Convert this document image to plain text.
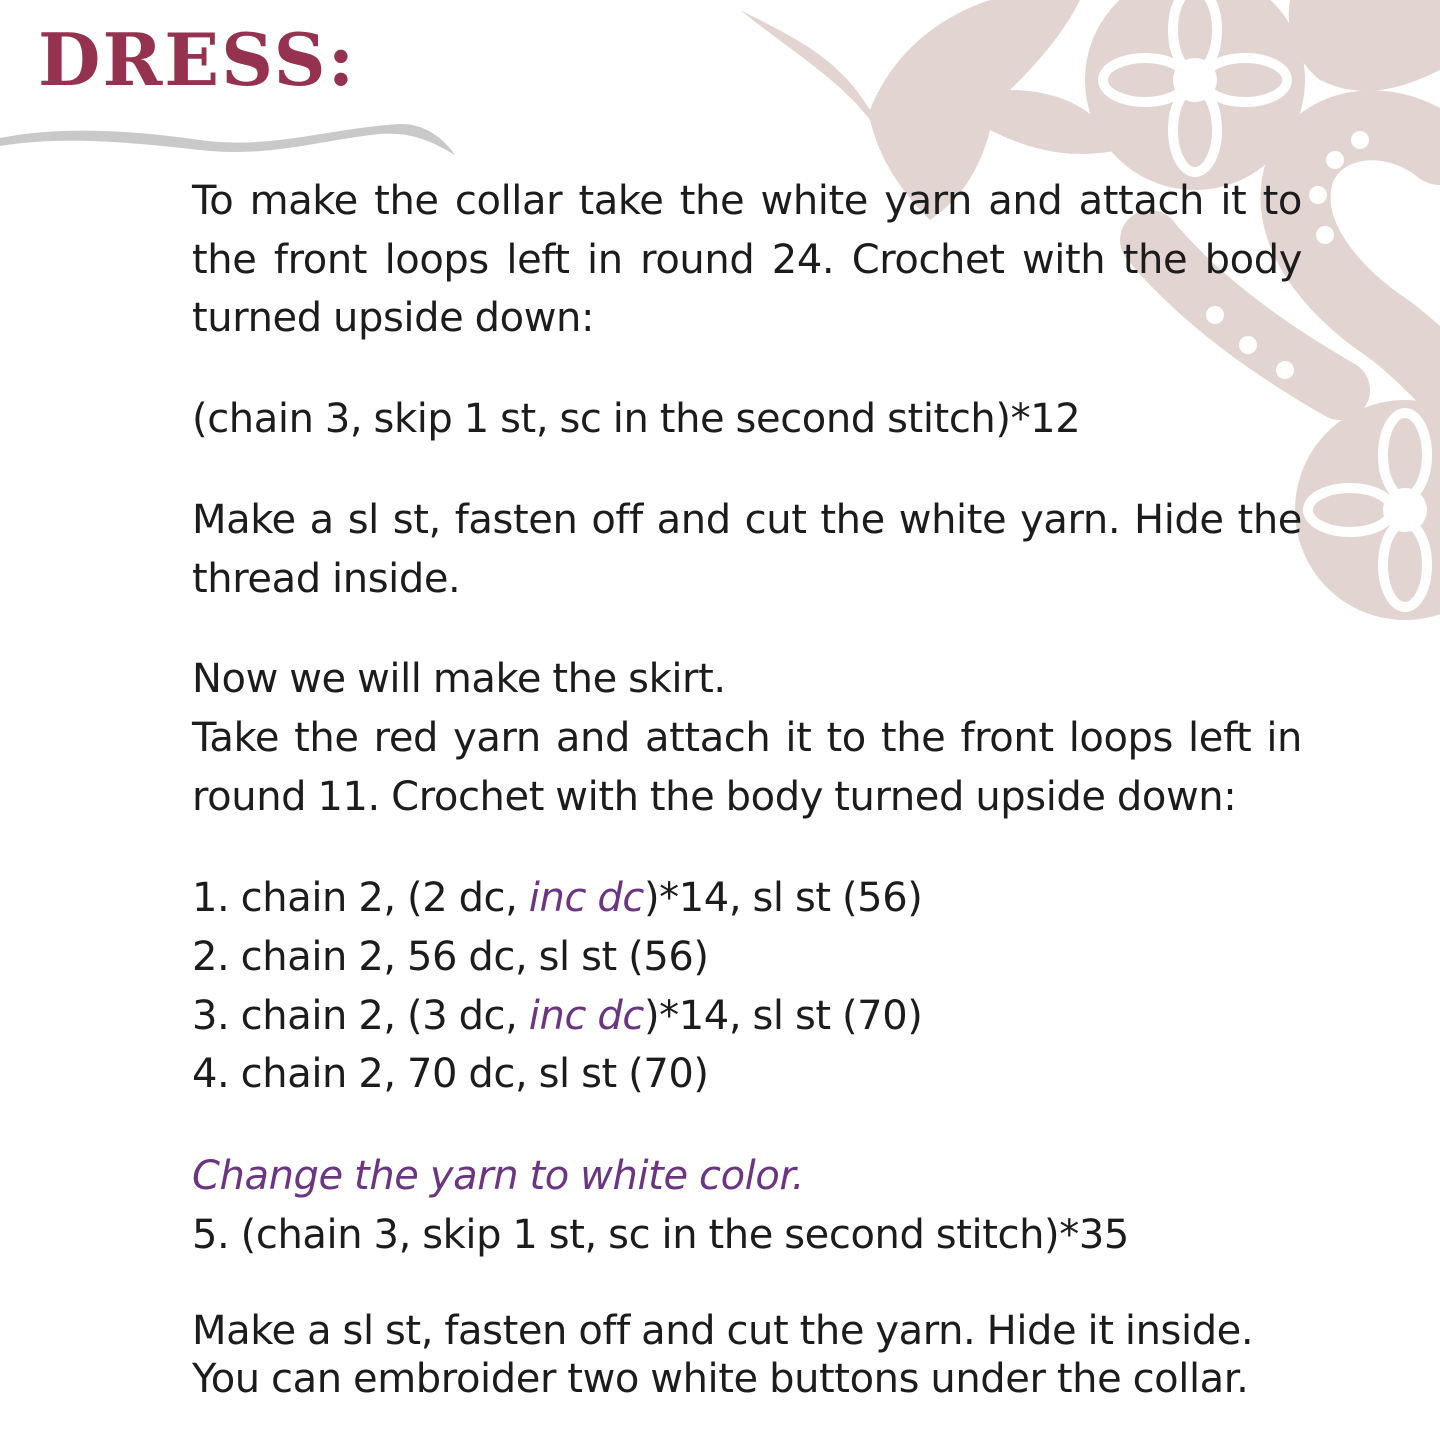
DRESS:

To make the collar take the white yarn and attach it to the front loops left in round 24. Crochet with the body turned upside down:

(chain 3, skip 1 st, sc in the second stitch)*12

Make a sl st, fasten off and cut the white yarn. Hide the thread inside.

Now we will make the skirt.

Take the red yarn and attach it to the front loops left in round 11. Crochet with the body turned upside down:

1. chain 2, (2 dc, inc dc)*14, sl st (56)

2. chain 2, 56 dc, sl st (56)

3. chain 2, (3 dc, inc dc)*14, sl st (70)

4. chain 2, 70 dc, sl st (70)

Change the yarn to white color.

5. (chain 3, skip 1 st, sc in the second stitch)*35

Make a sl st, fasten off and cut the yarn. Hide it inside.

You can embroider two white buttons under the collar.
